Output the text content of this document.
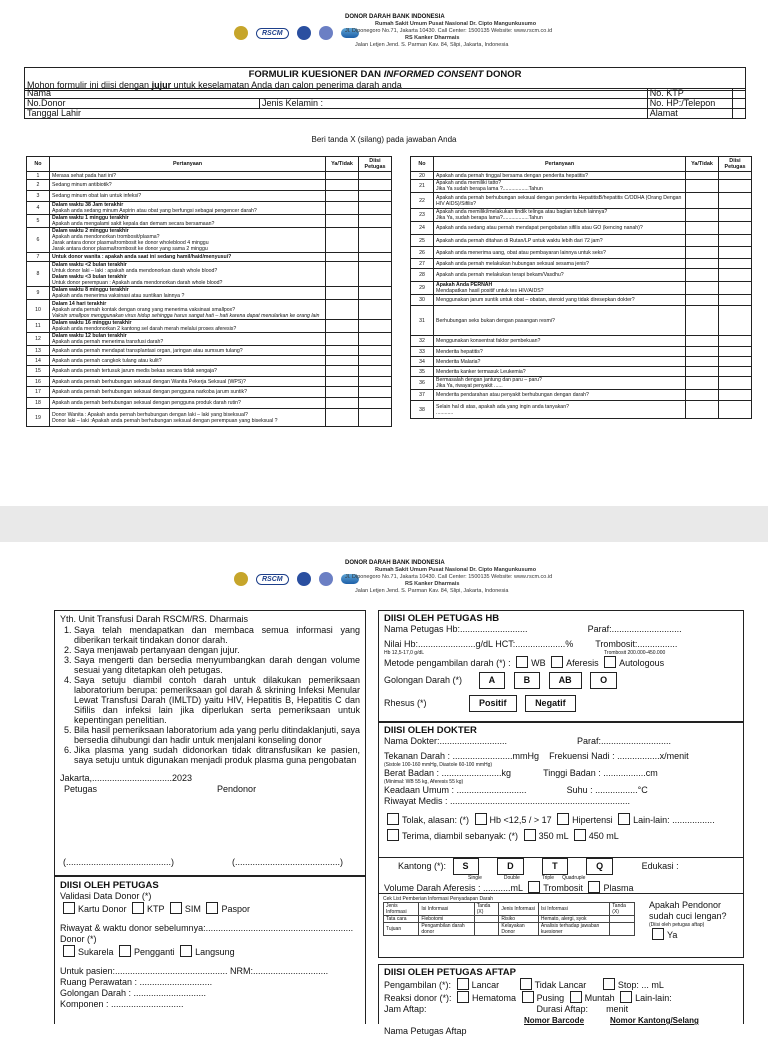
RSCM
DONOR DARAH BANK INDONESIA
Rumah Sakit Umum Pusat Nasional Dr. Cipto Mangunkusumo
Jl. Diponegoro No.71, Jakarta 10430. Call Center: 1500135 Website: www.rscm.co.id
RS Kanker Dharmais
Jalan Letjen Jend. S. Parman Kav. 84, Slipi, Jakarta, Indonesia
FORMULIR KUESIONER DAN INFORMED CONSENT DONOR
Mohon formulir ini diisi dengan jujur untuk keselamatan Anda dan calon penerima darah anda
Nama		No. KTP	
No.Donor	Jenis Kelamin :	No. HP:/Telepon	
Tanggal Lahir		Alamat	
Beri tanda X (silang) pada jawaban Anda
No	Pertanyaan	Ya/Tidak	Diisi Petugas
1	Merasa sehat pada hari ini?		

2	Sedang minum antibiotik?		

3	Sedang minum obat lain untuk infeksi?		

4	Dalam waktu 38 Jam terakhir
Apakah anda sedang minum Aspirin atau obat yang berfungsi sebagai pengencer darah?		

5	Dalam waktu 1 minggu terakhir
Apakah anda mengalami sakit kepala dan demam secara bersamaan?		

6	Dalam waktu 2 minggu terakhir
Apakah anda mendonorkan trombosit/plasma?
Jarak antara donor plasma/trombosit ke donor wholeblood 4 minggu
Jarak antara donor plasma/trombosit ke donor yang sama 2 minggu		

7	Untuk donor wanita : apakah anda saat ini sedang hamil/haid/menyusui?		

8	Dalam waktu <2 bulan terakhir
Untuk donor laki – laki : apakah anda mendonorkan darah whole blood?
Dalam waktu <3 bulan terakhir
Untuk donor perempuan : Apakah anda mendonorkan darah whole blood?		

9	Dalam waktu 8 minggu terakhir
Apakah anda menerima vaksinasi atau suntikan lainnya ?		

10	Dalam 14 hari terakhir
Apakah anda pernah kontak dengan orang yang menerima vaksinasi smallpox?
Vaksin smallpox menggunakan virus hidup sehingga harus sangat hati – hati karena dapat menularkan ke orang lain		

11	Dalam waktu 16 minggu terakhir
Apakah anda mendonorkan 2 kantong sel darah merah melalui proses aferesis?		

12	Dalam waktu 12 bulan terakhir
Apakah anda pernah menerima transfusi darah?		

13	Apakah anda pernah mendapat transplantasi organ, jaringan atau sumsum tulang?		

14	Apakah anda pernah cangkok tulang atau kulit?		

15	Apakah anda pernah tertusuk jarum medis bekas secara tidak sengaja?		

16	Apakah anda pernah berhubungan seksual dengan Wanita Pekerja Seksual (WPS)?		

17	Apakah anda pernah berhubungan seksual dengan pengguna narkoba jarum suntik?		

18	Apakah anda pernah berhubungan seksual dengan pengguna produk darah rutin?		

19	Donor Wanita : Apakah anda pernah berhubungan dengan laki – laki yang biseksual?
Donor laki – laki :Apakah anda pernah berhubungan seksual dengan perempuan yang biseksual ?		

No	Pertanyaan	Ya/Tidak	Diisi Petugas
20	Apakah anda pernah tinggal bersama dengan penderita hepatitis?		

21	Apakah anda memiliki tatto?
Jika Ya sudah berapa lama ?..................Tahun		

22	Apakah anda pernah berhubungan seksual dengan penderita HepatitisB/hepatitis C/ODHA (Orang Dengan HIV AIDS)/Sifilis?		

23	Apakah anda memiliki/melakukan tindik telinga atau bagian tubuh lainnya?
Jika Ya, sudah berapa lama?..................Tahun		

24	Apakah anda sedang atau pernah mendapat pengobatan sifilis atau GO (kencing nanah)?		

25	Apakah anda pernah ditahan di Rutan/LP untuk waktu lebih dari 72 jam?		

26	Apakah anda menerima uang, obat atau pembayaran lainnya untuk seks?		

27	Apakah anda pernah melakukan hubungan seksual sesama jenis?		

28	Apakah anda pernah melakukan terapi bekam/Vasdhu?		

29	Apakah Anda PERNAH
Mendapatkan hasil positif untuk tes HIV/AIDS?		

30	Menggunakan jarum suntik untuk obat – obatan, steroid yang tidak diresepkan dokter?		

31	Berhubungan seks bukan dengan pasangan resmi?		

32	Menggunakan konsentrat faktor pembekuan?		

33	Menderita hepatitis?		

34	Menderita Malaria?		

35	Menderita kanker termasuk Leukemia?		

36	Bermasalah dengan jantung dan paru – paru?
Jika Ya, riwayat penyakit ......		

37	Menderita pendarahan atau penyakit berhubungan dengan darah?		

38	Selain hal di atas, apakah ada yang ingin anda tanyakan?
............		

RSCM
DONOR DARAH BANK INDONESIA
Rumah Sakit Umum Pusat Nasional Dr. Cipto Mangunkusumo
Jl. Diponegoro No.71, Jakarta 10430. Call Center: 1500135 Website: www.rscm.co.id
RS Kanker Dharmais
Jalan Letjen Jend. S. Parman Kav. 84, Slipi, Jakarta, Indonesia
Yth. Unit Transfusi Darah RSCM/RS. Dharmais
1. Saya telah mendapatkan dan membaca semua informasi yang diberikan terkait tindakan donor darah.
2. Saya menjawab pertanyaan dengan jujur.
3. Saya mengerti dan bersedia menyumbangkan darah dengan volume sesuai yang ditetapkan oleh petugas.
4. Saya setuju diambil contoh darah untuk dilakukan pemeriksaan laboratorium berupa: pemeriksaan gol darah & skrining Infeksi Menular Lewat Transfusi Darah (IMLTD) yaitu HIV, Hepatitis B, Hepatitis C dan Sifilis dan infeksi lain jika diperlukan serta pemeriksaan untuk kepentingan penelitian.
5. Bila hasil pemeriksaan laboratorium ada yang perlu ditindaklanjuti, saya bersedia dihubungi dan hadir untuk menjalani konseling donor
6. Jika plasma yang sudah didonorkan tidak ditransfusikan ke pasien, saya setuju untuk digunakan menjadi produk plasma guna pengobatan
Jakarta,................................2023
Petugas	Pendonor
(..........................................)	(..........................................)
DIISI OLEH PETUGAS
Validasi Data Donor (*)
Kartu Donor KTP SIM Paspor
Riwayat & waktu donor sebelumnya:...........................................................
Donor (*)
Sukarela Pengganti Langsung
Untuk pasien:............................................. NRM:..............................
Ruang Perawatan : .............................
Golongan Darah : .............................
Komponen : .............................
DIISI OLEH PETUGAS HB
Nama Petugas Hb:...........................	Paraf:............................
Nilai Hb:.......................g/dL HCT:....................% Trombosit:................
Hb 12,5-17,0 g/dL	Trombosit 200.000-450.000
Metode pengambilan darah (*) : WB Aferesis Autologous
Golongan Darah (*)	A	B	AB	O
Rhesus (*)	Positif	Negatif
DIISI OLEH DOKTER
Nama Dokter:...........................	Paraf:............................
Tekanan Darah : ........................mmHg Frekuensi Nadi : .................x/menit
(Sistole 100-160 mmHg, Diastole 60-100 mmHg)
Berat Badan : ........................kg	Tinggi Badan : .................cm
(Minimal: WB 55 kg, Aferesis 55 kg)
Keadaan Umum : ............................	Suhu : .................°C
Riwayat Medis : ........................................................................
Tolak, alasan: (*) Hb <12,5 / > 17 Hipertensi Lain-lain: .................
Terima, diambil sebanyak: (*) 350 mL 450 mL
Kantong (*): S	D	T	Q	Edukasi :
Single	Double	Triple Quadruple
Volume Darah Aferesis : ...........mL Trombosit Plasma
Cek List Pemberian Informasi Penyadapan Darah
Jenis Informasi	Isi Informasi	Tanda (X)	Jenis Informasi	Isi Informasi	Tanda (X)
Tata cara	Flebotomi		Risiko	Hemato, alergi, syok	
Tujuan	Pengambilan darah donor		Kelayakan Donor	Analisis terhadap jawaban kuesioner	
Apakah Pendonor sudah cuci lengan?
(Diisi oleh petugas aftap)
Ya
DIISI OLEH PETUGAS AFTAP
Pengambilan (*): Lancar	Tidak Lancar	Stop: ... mL
Reaksi donor (*): Hematoma Pusing Muntah Lain-lain:
Jam Aftap:	Durasi Aftap: menit
Nomor Barcode	Nomor Kantong/Selang
Nama Petugas Aftap
